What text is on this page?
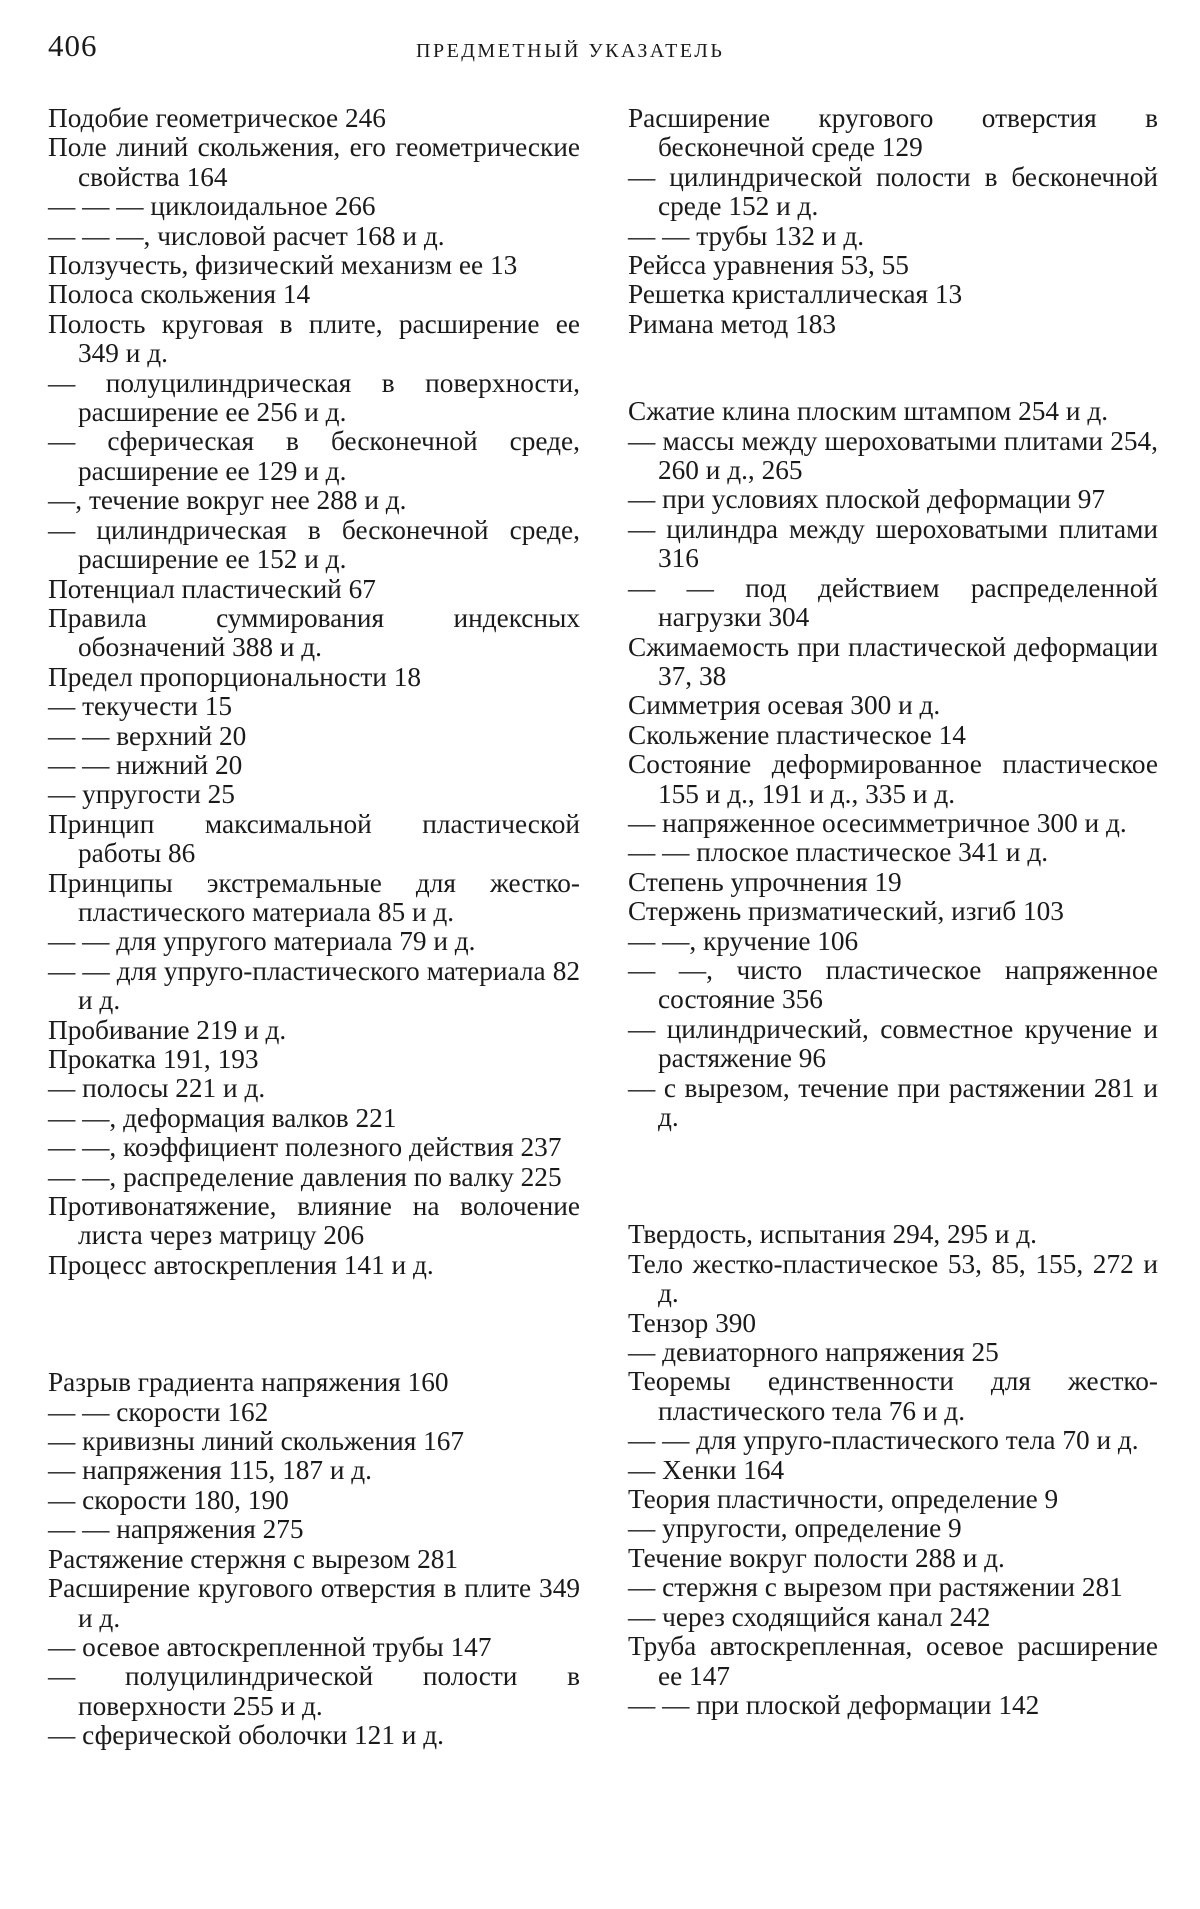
406	ПРЕДМЕТНЫЙ УКАЗАТЕЛЬ

Подобие геометрическое 246

Поле линий скольжения, его геометрические свойства 164

— — — циклоидальное 266

— — —, числовой расчет 168 и д.

Ползучесть, физический механизм ее 13

Полоса скольжения 14

Полость круговая в плите, расширение ее 349 и д.

— полуцилиндрическая в поверхности, расширение ее 256 и д.

— сферическая в бесконечной среде, расширение ее 129 и д.

—, течение вокруг нее 288 и д.

— цилиндрическая в бесконечной среде, расширение ее 152 и д.

Потенциал пластический 67

Правила суммирования индексных обозначений 388 и д.

Предел пропорциональности 18

— текучести 15

— — верхний 20

— — нижний 20

— упругости 25

Принцип максимальной пластической работы 86

Принципы экстремальные для жестко-пластического материала 85 и д.

— — для упругого материала 79 и д.

— — для упруго-пластического материала 82 и д.

Пробивание 219 и д.

Прокатка 191, 193

— полосы 221 и д.

— —, деформация валков 221

— —, коэффициент полезного действия 237

— —, распределение давления по валку 225

Противонатяжение, влияние на волочение листа через матрицу 206

Процесс автоскрепления 141 и д.

Разрыв градиента напряжения 160

— — скорости 162

— кривизны линий скольжения 167

— напряжения 115, 187 и д.

— скорости 180, 190

— — напряжения 275

Растяжение стержня с вырезом 281

Расширение кругового отверстия в плите 349 и д.

— осевое автоскрепленной трубы 147

— полуцилиндрической полости в поверхности 255 и д.

— сферической оболочки 121 и д.

Расширение кругового отверстия в бесконечной среде 129

— цилиндрической полости в бесконечной среде 152 и д.

— — трубы 132 и д.

Рейсса уравнения 53, 55

Решетка кристаллическая 13

Римана метод 183

Сжатие клина плоским штампом 254 и д.

— массы между шероховатыми плитами 254, 260 и д., 265

— при условиях плоской деформации 97

— цилиндра между шероховатыми плитами 316

— — под действием распределенной нагрузки 304

Сжимаемость при пластической деформации 37, 38

Симметрия осевая 300 и д.

Скольжение пластическое 14

Состояние деформированное пластическое 155 и д., 191 и д., 335 и д.

— напряженное осесимметричное 300 и д.

— — плоское пластическое 341 и д.

Степень упрочнения 19

Стержень призматический, изгиб 103

— —, кручение 106

— —, чисто пластическое напряженное состояние 356

— цилиндрический, совместное кручение и растяжение 96

— с вырезом, течение при растяжении 281 и д.

Твердость, испытания 294, 295 и д.

Тело жестко-пластическое 53, 85, 155, 272 и д.

Тензор 390

— девиаторного напряжения 25

Теоремы единственности для жестко-пластического тела 76 и д.

— — для упруго-пластического тела 70 и д.

— Хенки 164

Теория пластичности, определение 9

— упругости, определение 9

Течение вокруг полости 288 и д.

— стержня с вырезом при растяжении 281

— через сходящийся канал 242

Труба автоскрепленная, осевое расширение ее 147

— — при плоской деформации 142
